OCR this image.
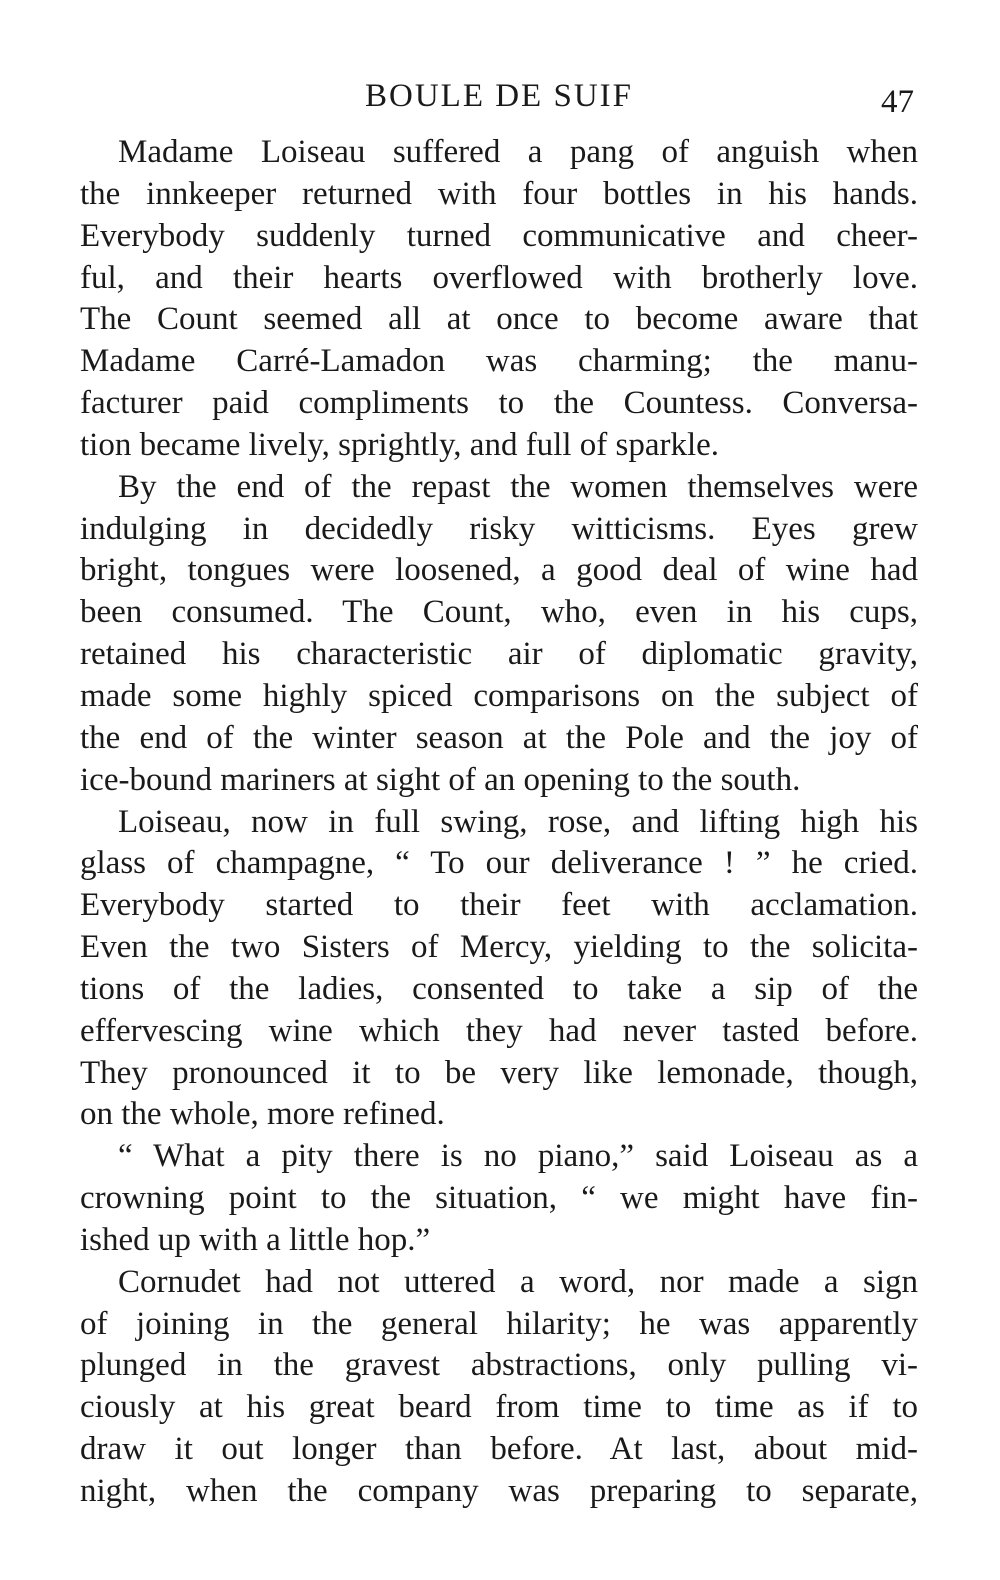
BOULE DE SUIF	47
Madame Loiseau suffered a pang of anguish when
the innkeeper returned with four bottles in his hands.
Everybody suddenly turned communicative and cheer-
ful, and their hearts overflowed with brotherly love.
The Count seemed all at once to become aware that
Madame Carré-Lamadon was charming; the manu-
facturer paid compliments to the Countess. Conversa-
tion became lively, sprightly, and full of sparkle.
By the end of the repast the women themselves were
indulging in decidedly risky witticisms. Eyes grew
bright, tongues were loosened, a good deal of wine had
been consumed. The Count, who, even in his cups,
retained his characteristic air of diplomatic gravity,
made some highly spiced comparisons on the subject of
the end of the winter season at the Pole and the joy of
ice-bound mariners at sight of an opening to the south.
Loiseau, now in full swing, rose, and lifting high his
glass of champagne, “ To our deliverance ! ” he cried.
Everybody started to their feet with acclamation.
Even the two Sisters of Mercy, yielding to the solicita-
tions of the ladies, consented to take a sip of the
effervescing wine which they had never tasted before.
They pronounced it to be very like lemonade, though,
on the whole, more refined.
“ What a pity there is no piano,” said Loiseau as a
crowning point to the situation, “ we might have fin-
ished up with a little hop.”
Cornudet had not uttered a word, nor made a sign
of joining in the general hilarity; he was apparently
plunged in the gravest abstractions, only pulling vi-
ciously at his great beard from time to time as if to
draw it out longer than before. At last, about mid-
night, when the company was preparing to separate,
